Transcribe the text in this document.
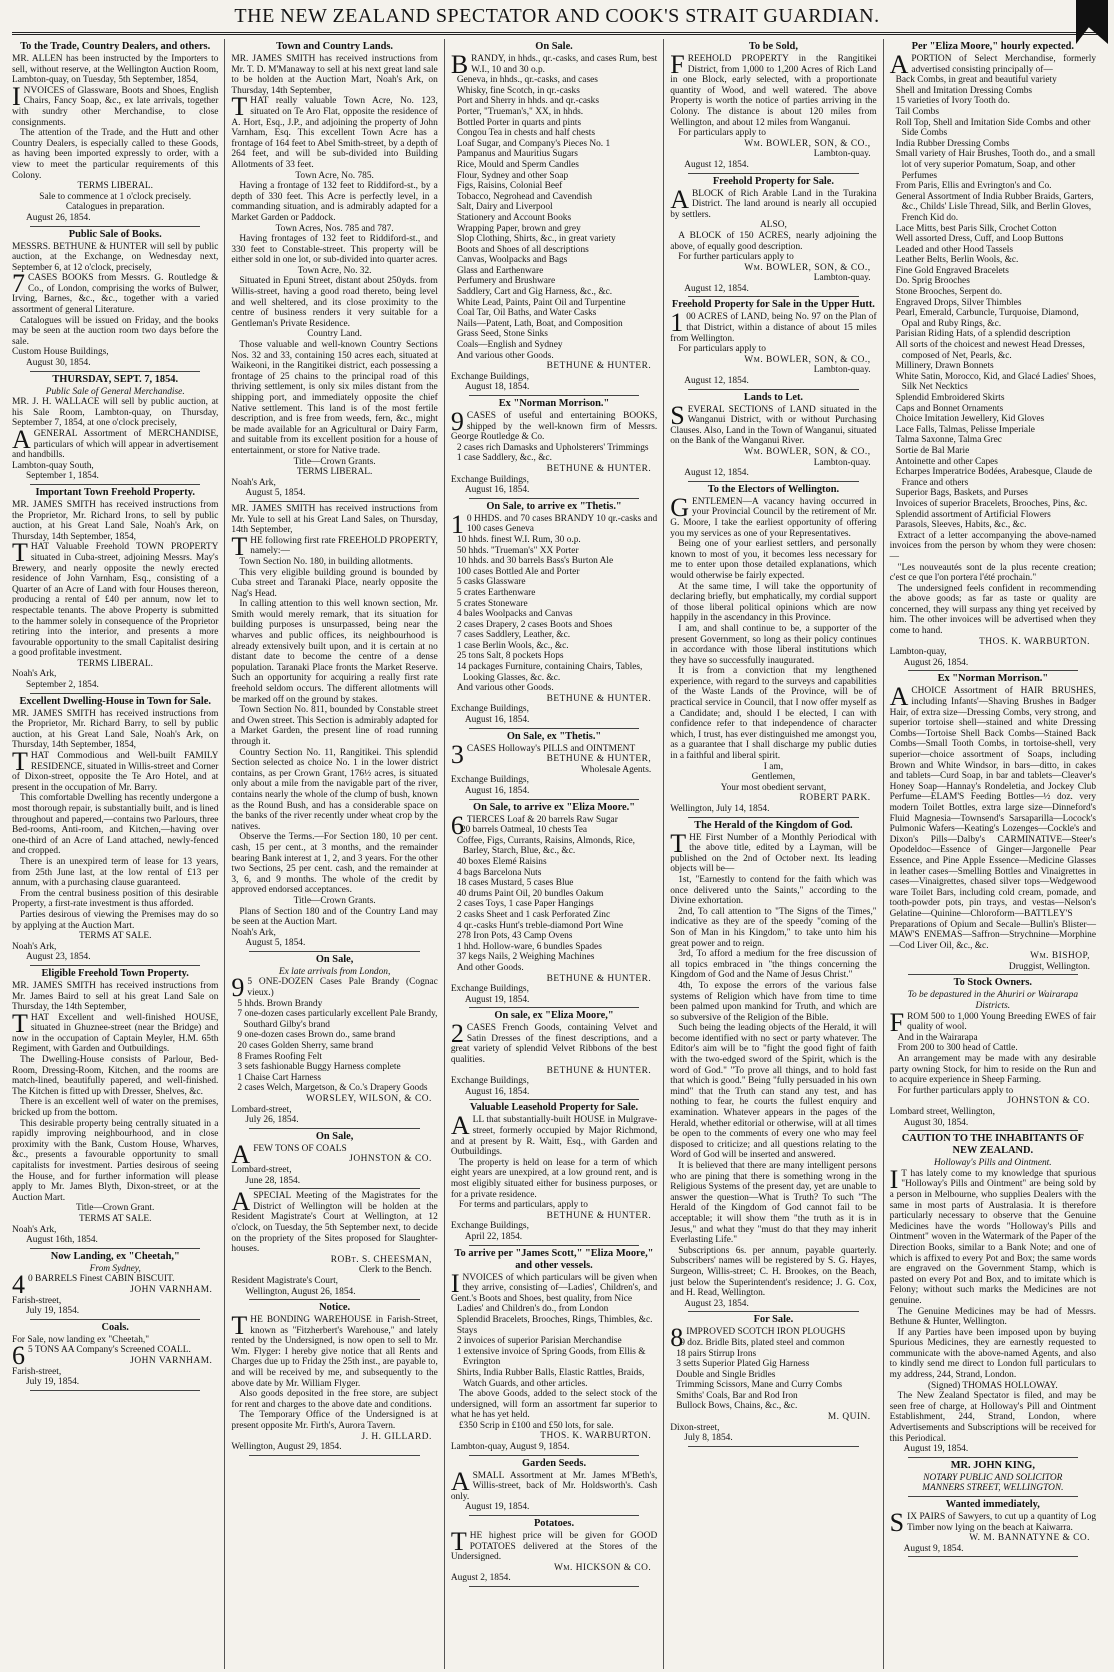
THE NEW ZEALAND SPECTATOR AND COOK'S STRAIT GUARDIAN.
To the Trade, Country Dealers, and others.

MR. ALLEN has been instructed by the Importers to sell, without reserve, at the Wellington Auction Room, Lambton-quay, on Tuesday, 5th September, 1854,

INVOICES of Glassware, Boots and Shoes, English Chairs, Fancy Soap, &c., ex late arrivals, together with sundry other Merchandise, to close consignments.

The attention of the Trade, and the Hutt and other Country Dealers, is especially called to these Goods, as having been imported expressly to order, with a view to meet the particular requirements of this Colony.

TERMS LIBERAL.

Sale to commence at 1 o'clock precisely.

Catalogues in preparation.

August 26, 1854.

Public Sale of Books.

MESSRS. BETHUNE & HUNTER will sell by public auction, at the Exchange, on Wednesday next, September 6, at 12 o'clock, precisely,

7CASES BOOKS from Messrs. G. Routledge & Co., of London, comprising the works of Bulwer, Irving, Barnes, &c., &c., together with a varied assortment of general Literature.

Catalogues will be issued on Friday, and the books may be seen at the auction room two days before the sale.

Custom House Buildings,

August 30, 1854.

THURSDAY, SEPT. 7, 1854.
Public Sale of General Merchandise.

MR. J. H. WALLACE will sell by public auction, at his Sale Room, Lambton-quay, on Thursday, September 7, 1854, at one o'clock precisely,

AGENERAL Assortment of MERCHANDISE, particulars of which will appear in advertisement and handbills.

Lambton-quay South,

September 1, 1854.

Important Town Freehold Property.

MR. JAMES SMITH has received instructions from the Proprietor, Mr. Richard Irons, to sell by public auction, at his Great Land Sale, Noah's Ark, on Thursday, 14th September, 1854,

THAT Valuable Freehold TOWN PROPERTY situated in Cuba-street, adjoining Messrs. May's Brewery, and nearly opposite the newly erected residence of John Varnham, Esq., consisting of a Quarter of an Acre of Land with four Houses thereon, producing a rental of £40 per annum, now let to respectable tenants. The above Property is submitted to the hammer solely in consequence of the Proprietor retiring into the interior, and presents a more favourable opportunity to the small Capitalist desiring a good profitable investment.

TERMS LIBERAL.

Noah's Ark,

September 2, 1854.

Excellent Dwelling-House in Town for Sale.

MR. JAMES SMITH has received instructions from the Proprietor, Mr. Richard Barry, to sell by public auction, at his Great Land Sale, Noah's Ark, on Thursday, 14th September, 1854,

THAT Commodious and Well-built FAMILY RESIDENCE, situated in Willis-street and Corner of Dixon-street, opposite the Te Aro Hotel, and at present in the occupation of Mr. Barry.

This comfortable Dwelling has recently undergone a most thorough repair, is substantially built, and is lined throughout and papered,—contains two Parlours, three Bed-rooms, Anti-room, and Kitchen,—having over one-third of an Acre of Land attached, newly-fenced and cropped.

There is an unexpired term of lease for 13 years, from 25th June last, at the low rental of £13 per annum, with a purchasing clause guaranteed.

From the central business position of this desirable Property, a first-rate investment is thus afforded.

Parties desirous of viewing the Premises may do so by applying at the Auction Mart.

TERMS AT SALE.

Noah's Ark,

August 23, 1854.

Eligible Freehold Town Property.

MR. JAMES SMITH has received instructions from Mr. James Baird to sell at his great Land Sale on Thursday, the 14th September,

THAT Excellent and well-finished HOUSE, situated in Ghuznee-street (near the Bridge) and now in the occupation of Captain Meyler, H.M. 65th Regiment, with Garden and Outbuildings.

The Dwelling-House consists of Parlour, Bed-Room, Dressing-Room, Kitchen, and the rooms are match-lined, beautifully papered, and well-finished. The Kitchen is fitted up with Dresser, Shelves, &c.

There is an excellent well of water on the premises, bricked up from the bottom.

This desirable property being centrally situated in a rapidly improving neighbourhood, and in close proximity with the Bank, Custom House, Wharves, &c., presents a favourable opportunity to small capitalists for investment. Parties desirous of seeing the House, and for further information will please apply to Mr. James Blyth, Dixon-street, or at the Auction Mart.

Title—Crown Grant.

TERMS AT SALE.

Noah's Ark,

August 16th, 1854.

Now Landing, ex "Cheetah,"
From Sydney,

40 BARRELS Finest CABIN BISCUIT.

JOHN VARNHAM.

Farish-street,

July 19, 1854.

Coals.

For Sale, now landing ex "Cheetah,"

65 TONS AA Company's Screened COALL.

JOHN VARNHAM.

Farish-street,

July 19, 1854.

Town and Country Lands.

MR. JAMES SMITH has received instructions from Mr. T. D. M'Manaway to sell at his next great land sale to be holden at the Auction Mart, Noah's Ark, on Thursday, 14th September,

THAT really valuable Town Acre, No. 123, situated on Te Aro Flat, opposite the residence of A. Hort, Esq., J.P., and adjoining the property of John Varnham, Esq. This excellent Town Acre has a frontage of 164 feet to Abel Smith-street, by a depth of 264 feet, and will be sub-divided into Building Allotments of 33 feet.

Town Acre, No. 785.

Having a frontage of 132 feet to Riddiford-st., by a depth of 330 feet. This Acre is perfectly level, in a commanding situation, and is admirably adapted for a Market Garden or Paddock.

Town Acres, Nos. 785 and 787.

Having frontages of 132 feet to Riddiford-st., and 330 feet to Constable-street. This property will be either sold in one lot, or sub-divided into quarter acres.

Town Acre, No. 32.

Situated in Epuni Street, distant about 250yds. from Willis-street, having a good road thereto, being level and well sheltered, and its close proximity to the centre of business renders it very suitable for a Gentleman's Private Residence.

Country Land.

Those valuable and well-known Country Sections Nos. 32 and 33, containing 150 acres each, situated at Waikeoni, in the Rangitikei district, each possessing a frontage of 25 chains to the principal road of this thriving settlement, is only six miles distant from the shipping port, and immediately opposite the chief Native settlement. This land is of the most fertile description, and is free from weeds, fern, &c., might be made available for an Agricultural or Dairy Farm, and suitable from its excellent position for a house of entertainment, or store for Native trade.

Title—Crown Grants.

TERMS LIBERAL.

Noah's Ark,

August 5, 1854.

MR. JAMES SMITH has received instructions from Mr. Yule to sell at his Great Land Sales, on Thursday, 14th September,

THE following first rate FREEHOLD PROPERTY, namely:—

Town Section No. 180, in building allotments.

This very eligible building ground is bounded by Cuba street and Taranaki Place, nearly opposite the Nag's Head.

In calling attention to this well known section, Mr. Smith would merely remark, that its situation for building purposes is unsurpassed, being near the wharves and public offices, its neighbourhood is already extensively built upon, and it is certain at no distant date to become the centre of a dense population. Taranaki Place fronts the Market Reserve. Such an opportunity for acquiring a really first rate freehold seldom occurs. The different allotments will be marked off on the ground by stakes.

Town Section No. 811, bounded by Constable street and Owen street. This Section is admirably adapted for a Market Garden, the present line of road running through it.

Country Section No. 11, Rangitikei. This splendid Section selected as choice No. 1 in the lower district contains, as per Crown Grant, 176½ acres, is situated only about a mile from the navigable part of the river, contains nearly the whole of the clump of bush, known as the Round Bush, and has a considerable space on the banks of the river recently under wheat crop by the natives.

Observe the Terms.—For Section 180, 10 per cent. cash, 15 per cent., at 3 months, and the remainder bearing Bank interest at 1, 2, and 3 years. For the other two Sections, 25 per cent. cash, and the remainder at 3, 6, and 9 months. The whole of the credit by approved endorsed acceptances.

Title—Crown Grants.

Plans of Section 180 and of the Country Land may be seen at the Auction Mart.

Noah's Ark,

August 5, 1854.

On Sale,
Ex late arrivals from London,

95 ONE-DOZEN Cases Pale Brandy (Cognac vieux.)

5 hhds. Brown Brandy
7 one-dozen cases particularly excellent Pale Brandy, Southard Gilby's brand
9 one-dozen cases Brown do., same brand
20 cases Golden Sherry, same brand
8 Frames Roofing Felt
3 sets fashionable Buggy Harness complete
1 Chaise Cart Harness
2 cases Welch, Margetson, & Co.'s Drapery Goods

WORSLEY, WILSON, & CO.

Lombard-street,

July 26, 1854.

On Sale,

AFEW TONS OF COALS

JOHNSTON & CO.

Lombard-street,

June 28, 1854.

ASPECIAL Meeting of the Magistrates for the District of Wellington will be holden at the Resident Magistrate's Court at Wellington, at 12 o'clock, on Tuesday, the 5th September next, to decide on the propriety of the Sites proposed for Slaughter-houses.

ROBt. S. CHEESMAN,

Clerk to the Bench.

Resident Magistrate's Court,

Wellington, August 26, 1854.

Notice.

THE BONDING WAREHOUSE in Farish-Street, known as "Fitzherbert's Warehouse," and lately rented by the Undersigned, is now open to sell to Mr. Wm. Flyger: I hereby give notice that all Rents and Charges due up to Friday the 25th inst., are payable to, and will be received by me, and subsequently to the above date by Mr. William Flyger.

Also goods deposited in the free store, are subject for rent and charges to the above date and conditions.

The Temporary Office of the Undersigned is at present opposite Mr. Firth's, Aurora Tavern.

J. H. GILLARD.

Wellington, August 29, 1854.

On Sale.

BRANDY, in hhds., qr.-casks, and cases Rum, best W.I., 10 and 30 o.p.

Geneva, in hhds., qr.-casks, and cases
Whisky, fine Scotch, in qr.-casks
Port and Sherry in hhds. and qr.-casks
Porter, "Trueman's," XX, in hhds.
Bottled Porter in quarts and pints
Congou Tea in chests and half chests
Loaf Sugar, and Company's Pieces No. 1
Pampanus and Mauritius Sugars
Rice, Mould and Sperm Candles
Flour, Sydney and other Soap
Figs, Raisins, Colonial Beef
Tobacco, Negrohead and Cavendish
Salt, Dairy and Liverpool
Stationery and Account Books
Wrapping Paper, brown and grey
Slop Clothing, Shirts, &c., in great variety
Boots and Shoes of all descriptions
Canvas, Woolpacks and Bags
Glass and Earthenware
Perfumery and Brushware
Saddlery, Cart and Gig Harness, &c., &c.
White Lead, Paints, Paint Oil and Turpentine
Coal Tar, Oil Baths, and Water Casks
Nails—Patent, Lath, Boat, and Composition
Grass Seed, Stone Sinks
Coals—English and Sydney
And various other Goods.

BETHUNE & HUNTER.

Exchange Buildings,

August 18, 1854.

Ex "Norman Morrison."

9CASES of useful and entertaining BOOKS, shipped by the well-known firm of Messrs. George Routledge & Co.

2 cases rich Damasks and Upholsterers' Trimmings
1 case Saddlery, &c., &c.

BETHUNE & HUNTER.

Exchange Buildings,

August 16, 1854.

On Sale, to arrive ex "Thetis."

10 HHDS. and 70 cases BRANDY 10 qr.-casks and 100 cases Geneva

10 hhds. finest W.I. Rum, 30 o.p.
50 hhds. "Trueman's" XX Porter
10 hhds. and 30 barrels Bass's Burton Ale
100 cases Bottled Ale and Porter
5 casks Glassware
5 crates Earthenware
5 crates Stoneware
4 bales Woolpacks and Canvas
2 cases Drapery, 2 cases Boots and Shoes
7 cases Saddlery, Leather, &c.
1 case Berlin Wools, &c., &c.
25 tons Salt, 8 pockets Hops
14 packages Furniture, containing Chairs, Tables, Looking Glasses, &c. &c.
And various other Goods.

BETHUNE & HUNTER.

Exchange Buildings,

August 16, 1854.

On Sale, ex "Thetis."

3CASES Holloway's PILLS and OINTMENT

BETHUNE & HUNTER,

Wholesale Agents.

Exchange Buildings,

August 16, 1854.

On Sale, to arrive ex "Eliza Moore."

6TIERCES Loaf & 20 barrels Raw Sugar

20 barrels Oatmeal, 10 chests Tea
Coffee, Figs, Currants, Raisins, Almonds, Rice, Barley, Starch, Blue, &c., &c.
40 boxes Elemé Raisins
4 bags Barcelona Nuts
18 cases Mustard, 5 cases Blue
40 drums Paint Oil, 20 bundles Oakum
2 cases Toys, 1 case Paper Hangings
2 casks Sheet and 1 cask Perforated Zinc
4 qr.-casks Hunt's treble-diamond Port Wine
278 Iron Pots, 43 Camp Ovens
1 hhd. Hollow-ware, 6 bundles Spades
37 kegs Nails, 2 Weighing Machines
And other Goods.

BETHUNE & HUNTER.

Exchange Buildings,

August 19, 1854.

On sale, ex "Eliza Moore,"

2CASES French Goods, containing Velvet and Satin Dresses of the finest descriptions, and a great variety of splendid Velvet Ribbons of the best qualities.

BETHUNE & HUNTER.

Exchange Buildings,

August 16, 1854.

Valuable Leasehold Property for Sale.

ALL that substantially-built HOUSE in Mulgrave-street, formerly occupied by Major Richmond, and at present by R. Waitt, Esq., with Garden and Outbuildings.

The property is held on lease for a term of which eight years are unexpired, at a low ground rent, and is most eligibly situated either for business purposes, or for a private residence.

For terms and particulars, apply to

BETHUNE & HUNTER.

Exchange Buildings,

April 22, 1854.

To arrive per "James Scott," "Eliza Moore," and other vessels.

INVOICES of which particulars will be given when they arrive, consisting of—Ladies', Children's, and Gent.'s Boots and Shoes, best quality, from Nice

Ladies' and Children's do., from London
Splendid Bracelets, Brooches, Rings, Thimbles, &c.
Stays
2 invoices of superior Parisian Merchandise
1 extensive invoice of Spring Goods, from Ellis & Evrington
Shirts, India Rubber Balls, Elastic Rattles, Braids, Watch Guards, and other articles.

The above Goods, added to the select stock of the undersigned, will form an assortment far superior to what he has yet held.

£350 Scrip in £100 and £50 lots, for sale.

THOS. K. WARBURTON.

Lambton-quay, August 9, 1854.

Garden Seeds.

ASMALL Assortment at Mr. James M'Beth's, Willis-street, back of Mr. Holdsworth's. Cash only.

August 19, 1854.

Potatoes.

THE highest price will be given for GOOD POTATOES delivered at the Stores of the Undersigned.

Wm. HICKSON & CO.

August 2, 1854.

To be Sold,

FREEHOLD PROPERTY in the Rangitikei District, from 1,000 to 1,200 Acres of Rich Land in one Block, early selected, with a proportionate quantity of Wood, and well watered. The above Property is worth the notice of parties arriving in the Colony. The distance is about 120 miles from Wellington, and about 12 miles from Wanganui.

For particulars apply to

Wm. BOWLER, SON, & CO.,

Lambton-quay.

August 12, 1854.

Freehold Property for Sale.

ABLOCK of Rich Arable Land in the Turakina District. The land around is nearly all occupied by settlers.

ALSO,

A BLOCK of 150 ACRES, nearly adjoining the above, of equally good description.

For further particulars apply to

Wm. BOWLER, SON, & CO.,

Lambton-quay.

August 12, 1854.

Freehold Property for Sale in the Upper Hutt.

100 ACRES of LAND, being No. 97 on the Plan of that District, within a distance of about 15 miles from Wellington.

For particulars apply to

Wm. BOWLER, SON, & CO.,

Lambton-quay.

August 12, 1854.

Lands to Let.

SEVERAL SECTIONS of LAND situated in the Wanganui District, with or without Purchasing Clauses. Also, Land in the Town of Wanganui, situated on the Bank of the Wanganui River.

Wm. BOWLER, SON, & CO.,

Lambton-quay.

August 12, 1854.

To the Electors of Wellington.

GENTLEMEN—A vacancy having occurred in your Provincial Council by the retirement of Mr. G. Moore, I take the earliest opportunity of offering you my services as one of your Representatives.

Being one of your earliest settlers, and personally known to most of you, it becomes less necessary for me to enter upon those detailed explanations, which would otherwise be fairly expected.

At the same time, I will take the opportunity of declaring briefly, but emphatically, my cordial support of those liberal political opinions which are now happily in the ascendancy in this Province.

I am, and shall continue to be, a supporter of the present Government, so long as their policy continues in accordance with those liberal institutions which they have so successfully inaugurated.

It is from a conviction that my lengthened experience, with regard to the surveys and capabilities of the Waste Lands of the Province, will be of practical service in Council, that I now offer myself as a Candidate; and, should I be elected, I can with confidence refer to that independence of character which, I trust, has ever distinguished me amongst you, as a guarantee that I shall discharge my public duties in a faithful and liberal spirit.

I am,

Gentlemen,

Your most obedient servant,

ROBERT PARK.

Wellington, July 14, 1854.

The Herald of the Kingdom of God.

THE First Number of a Monthly Periodical with the above title, edited by a Layman, will be published on the 2nd of October next. Its leading objects will be—

1st, "Earnestly to contend for the faith which was once delivered unto the Saints," according to the Divine exhortation.

2nd, To call attention to "The Signs of the Times," indicative as they are of the speedy "coming of the Son of Man in his Kingdom," to take unto him his great power and to reign.

3rd, To afford a medium for the free discussion of all topics embraced in "the things concerning the Kingdom of God and the Name of Jesus Christ."

4th, To expose the errors of the various false systems of Religion which have from time to time been palmed upon mankind for Truth, and which are so subversive of the Religion of the Bible.

Such being the leading objects of the Herald, it will become identified with no sect or party whatever. The Editor's aim will be to "fight the good fight of faith with the two-edged sword of the Spirit, which is the word of God." "To prove all things, and to hold fast that which is good." Being "fully persuaded in his own mind" that the Truth can stand any test, and has nothing to fear, he courts the fullest enquiry and examination. Whatever appears in the pages of the Herald, whether editorial or otherwise, will at all times be open to the comments of every one who may feel disposed to criticize; and all questions relating to the Word of God will be inserted and answered.

It is believed that there are many intelligent persons who are pining that there is something wrong in the Religious Systems of the present day, yet are unable to answer the question—What is Truth? To such "The Herald of the Kingdom of God cannot fail to be acceptable; it will show them "the truth as it is in Jesus," and what they "must do that they may inherit Everlasting Life."

Subscriptions 6s. per annum, payable quarterly. Subscribers' names will be registered by S. G. Hayes, Surgeon, Willis-street; C. H. Brookes, on the Beach, just below the Superintendent's residence; J. G. Cox, and H. Read, Wellington.

August 23, 1854.

For Sale.

8IMPROVED SCOTCH IRON PLOUGHS

9 doz. Bridle Bits, plated steel and common
18 pairs Stirrup Irons
3 setts Superior Plated Gig Harness
Double and Single Bridles
Trimming Scissors, Mane and Curry Combs
Smiths' Coals, Bar and Rod Iron
Bullock Bows, Chains, &c., &c.

M. QUIN.

Dixon-street,

July 8, 1854.

Per "Eliza Moore," hourly expected.

APORTION of Select Merchandise, formerly advertised consisting principally of—

Back Combs, in great and beautiful variety
Shell and Imitation Dressing Combs
15 varieties of Ivory Tooth do.
Tail Combs
Roll Top, Shell and Imitation Side Combs and other Side Combs
India Rubber Dressing Combs
Small variety of Hair Brushes, Tooth do., and a small lot of very superior Pomatum, Soap, and other Perfumes
From Paris, Ellis and Evrington's and Co.
General Assortment of India Rubber Braids, Garters, &c., Childs' Lisle Thread, Silk, and Berlin Gloves, French Kid do.
Lace Mitts, best Paris Silk, Crochet Cotton
Well assorted Dress, Cuff, and Loop Buttons
Leaded and other Hood Tassels
Leather Belts, Berlin Wools, &c.
Fine Gold Engraved Bracelets
Do. Sprig Brooches
Stone Brooches, Serpent do.
Engraved Drops, Silver Thimbles
Pearl, Emerald, Carbuncle, Turquoise, Diamond, Opal and Ruby Rings, &c.
Parisian Riding Hats, of a splendid description
All sorts of the choicest and newest Head Dresses, composed of Net, Pearls, &c.
Millinery, Drawn Bonnets
White Satin, Morocco, Kid, and Glacé Ladies' Shoes, Silk Net Necktics
Splendid Embroidered Skirts
Caps and Bonnet Ornaments
Choice Imitation Jewellery, Kid Gloves
Lace Falls, Talmas, Pelisse Imperiale
Talma Saxonne, Talma Grec
Sortie de Bal Marie
Antoinette and other Capes
Echarpes Imperatrice Bodées, Arabesque, Claude de France and others
Superior Bags, Baskets, and Purses
Invoices of superior Bracelets, Brooches, Pins, &c.
Splendid assortment of Artificial Flowers
Parasols, Sleeves, Habits, &c., &c.

Extract of a letter accompanying the above-named invoices from the person by whom they were chosen:—

"Les nouveautés sont de la plus recente creation; c'est ce que l'on portera l'été prochain."

The undersigned feels confident in recommending the above goods; as far as taste or quality are concerned, they will surpass any thing yet received by him. The other invoices will be advertised when they come to hand.

THOS. K. WARBURTON.

Lambton-quay,

August 26, 1854.

Ex "Norman Morrison."

ACHOICE Assortment of HAIR BRUSHES, including Infants'—Shaving Brushes in Badger Hair, of extra size—Dressing Combs, very strong, and superior tortoise shell—stained and white Dressing Combs—Tortoise Shell Back Combs—Stained Back Combs—Small Tooth Combs, in tortoise-shell, very superior—choice assortment of Soaps, including Brown and White Windsor, in bars—ditto, in cakes and tablets—Curd Soap, in bar and tablets—Cleaver's Honey Soap—Hannay's Rondeletia, and Jockey Club Perfume—ELAM'S Feeding Bottles—½ doz. very modern Toilet Bottles, extra large size—Dinneford's Fluid Magnesia—Townsend's Sarsaparilla—Locock's Pulmonic Wafers—Keating's Lozenges—Cockle's and Dixon's Pills—Dalby's CARMINATIVE—Steer's Opodeldoc—Essence of Ginger—Jargonelle Pear Essence, and Pine Apple Essence—Medicine Glasses in leather cases—Smelling Bottles and Vinaigrettes in cases—Vinaigrettes, chased silver tops—Wedgewood ware Toilet Bars, including cold cream, pomade, and tooth-powder pots, pin trays, and vestas—Nelson's Gelatine—Quinine—Chloroform—BATTLEY'S Preparations of Opium and Secale—Bullin's Blister—MAW'S ENEMAS—Saffron—Strychnine—Morphine—Cod Liver Oil, &c., &c.

Wm. BISHOP,

Druggist, Wellington.

To Stock Owners.
To be depastured in the Ahuriri or Wairarapa Districts.

FROM 500 to 1,000 Young Breeding EWES of fair quality of wool.

And in the Wairarapa

From 200 to 300 head of Cattle.

An arrangement may be made with any desirable party owning Stock, for him to reside on the Run and to acquire experience in Sheep Farming.

For further particulars apply to

JOHNSTON & CO.

Lombard street, Wellington,

August 30, 1854.

CAUTION TO THE INHABITANTS OF NEW ZEALAND.
Holloway's Pills and Ointment.

IT has lately come to my knowledge that spurious "Holloway's Pills and Ointment" are being sold by a person in Melbourne, who supplies Dealers with the same in most parts of Australasia. It is therefore particularly necessary to observe that the Genuine Medicines have the words "Holloway's Pills and Ointment" woven in the Watermark of the Paper of the Direction Books, similar to a Bank Note; and one of which is affixed to every Pot and Box; the same words are engraved on the Government Stamp, which is pasted on every Pot and Box, and to imitate which is Felony; without such marks the Medicines are not genuine.

The Genuine Medicines may be had of Messrs. Bethune & Hunter, Wellington.

If any Parties have been imposed upon by buying Spurious Medicines, they are earnestly requested to communicate with the above-named Agents, and also to kindly send me direct to London full particulars to my address, 244, Strand, London.

(Signed) THOMAS HOLLOWAY.

The New Zealand Spectator is filed, and may be seen free of charge, at Holloway's Pill and Ointment Establishment, 244, Strand, London, where Advertisements and Subscriptions will be received for this Periodical.

August 19, 1854.

MR. JOHN KING,
NOTARY PUBLIC AND SOLICITOR
MANNERS STREET, WELLINGTON.
Wanted immediately,

SIX PAIRS of Sawyers, to cut up a quantity of Log Timber now lying on the beach at Kaiwarra.

W. M. BANNATYNE & CO.

August 9, 1854.
